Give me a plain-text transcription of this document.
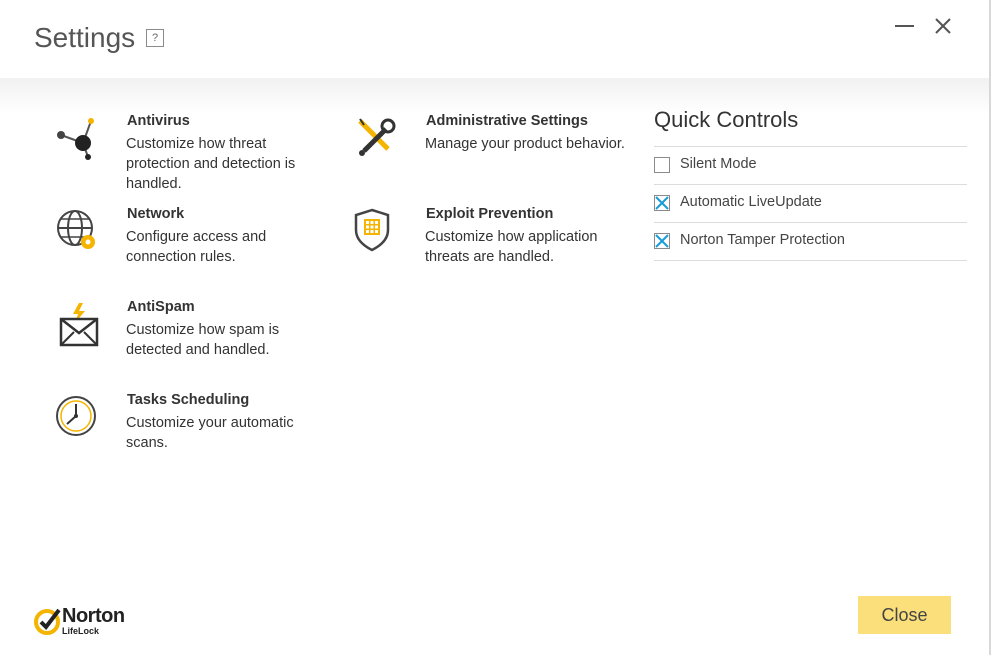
Settings	?
Antivirus
Customize how threat protection and detection is handled.
Network
Configure access and connection rules.
AntiSpam
Customize how spam is detected and handled.
Tasks Scheduling
Customize your automatic scans.
Administrative Settings
Manage your product behavior.
Exploit Prevention
Customize how application threats are handled.
Quick Controls
Silent Mode
Automatic LiveUpdate
Norton Tamper Protection
Norton
LifeLock
Close
